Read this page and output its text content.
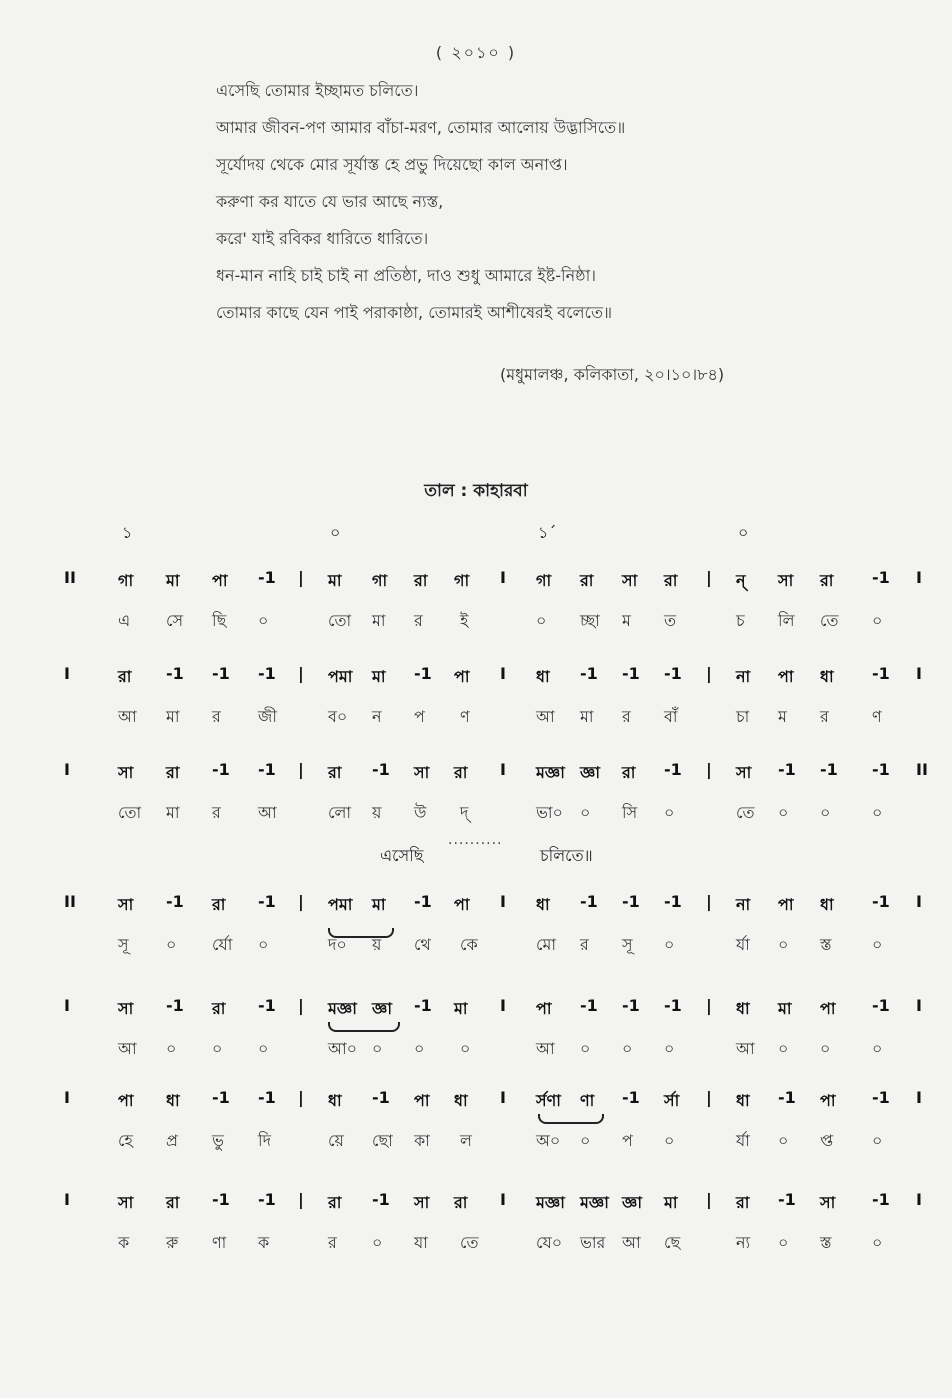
( ২০১০ )
এসেছি তোমার ইচ্ছামত চলিতে।
আমার জীবন-পণ আমার বাঁচা-মরণ, তোমার আলোয় উদ্ভাসিতে॥
সূর্যোদয় থেকে মোর সূর্যাস্ত হে প্রভু দিয়েছো কাল অনাপ্ত।
করুণা কর যাতে যে ভার আছে ন্যস্ত,
করে' যাই রবিকর ধারিতে ধারিতে।
ধন-মান নাহি চাই চাই না প্রতিষ্ঠা, দাও শুধু আমারে ইষ্ট-নিষ্ঠা।
তোমার কাছে যেন পাই পরাকাষ্ঠা, তোমারই আশীষেরই বলেতে॥
(মধুমালঞ্চ, কলিকাতা, ২০।১০।৮৪)
তাল : কাহারবা
১	০	১´	০
II	গা মা পা -1 | মা গা রা গা I গা রা সা রা | ন্ সা রা -1 I
এ সে ছি ০	তো মা র ই	০ চ্ছা ম ত	চ লি তে ০
I	রা -1 -1 -1 | পমা মা -1 পা I ধা -1 -1 -1 | না পা ধা -1 I
আ মা র জী	ব০ ন প ণ	আ মা র বাঁ	চা ম র	ণ
I	সা রা -1 -1 | রা -1 সা রা I মজ্ঞা জ্ঞা রা -1 | সা -1 -1 -1 II
তো মা র আ	লো য় উ দ্	ভা০ ০ সি ০	তে ০ ০	০
II	সা -1 রা -1 | পমা মা -1 পা I ধা -1 -1 -1 | না পা ধা -1 I
সূ ০ র্যো ০	দ০ য় থে কে	মো র সূ ০	র্যা ০ স্ত	০
I	সা -1 রা -1 | মজ্ঞা জ্ঞা -1 মা I পা -1 -1 -1 | ধা মা পা -1 I
আ ০ ০ ০	আ০ ০ ০ ০	আ ০ ০ ০	আ ০ ০	০
I	পা ধা -1 -1 | ধা -1 পা ধা I র্সণা ণা -1 র্সা | ধা -1 পা -1 I
হে প্র ভু দি	য়ে ছো কা ল	অ০ ০ প ০	র্যা ০ প্ত ০
I	সা রা -1 -1 | রা -1 সা রা I মজ্ঞা মজ্ঞা জ্ঞা মা | রা -1 সা -1 I
ক রু ণা ক	র ০ যা তে	যে০ ভার আ ছে	ন্য ০ স্ত	০
এসেছি
··········
চলিতে॥
